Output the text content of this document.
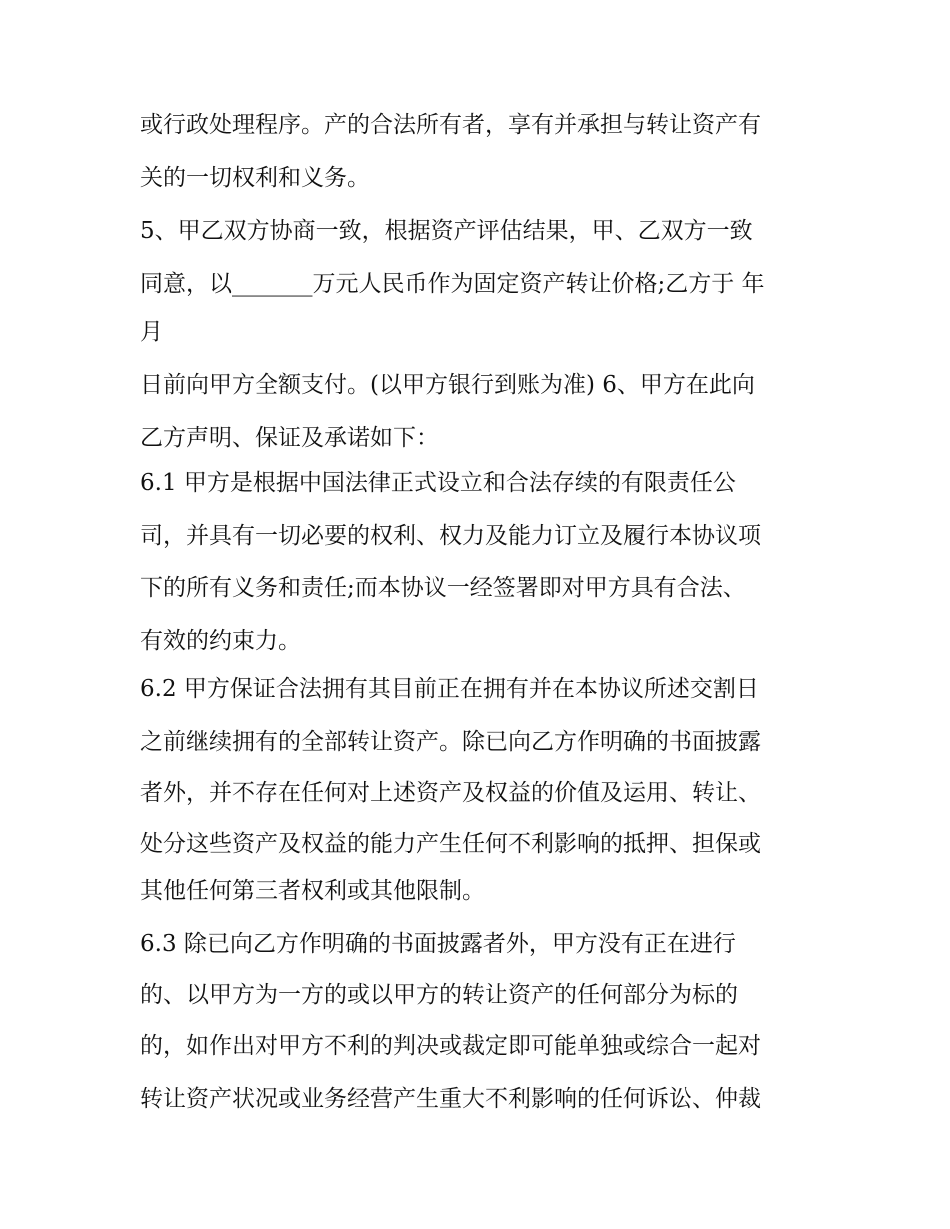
或行政处理程序。产的合法所有者，享有并承担与转让资产有

关的一切权利和义务。

5、甲乙双方协商一致，根据资产评估结果，甲、乙双方一致

同意，以_______万元人民币作为固定资产转让价格;乙方于 年

月

日前向甲方全额支付。(以甲方银行到账为准) 6、甲方在此向

乙方声明、保证及承诺如下：

6.1 甲方是根据中国法律正式设立和合法存续的有限责任公

司，并具有一切必要的权利、权力及能力订立及履行本协议项

下的所有义务和责任;而本协议一经签署即对甲方具有合法、

有效的约束力。

6.2 甲方保证合法拥有其目前正在拥有并在本协议所述交割日

之前继续拥有的全部转让资产。除已向乙方作明确的书面披露

者外，并不存在任何对上述资产及权益的价值及运用、转让、

处分这些资产及权益的能力产生任何不利影响的抵押、担保或

其他任何第三者权利或其他限制。

6.3 除已向乙方作明确的书面披露者外，甲方没有正在进行

的、以甲方为一方的或以甲方的转让资产的任何部分为标的

的，如作出对甲方不利的判决或裁定即可能单独或综合一起对

转让资产状况或业务经营产生重大不利影响的任何诉讼、仲裁
